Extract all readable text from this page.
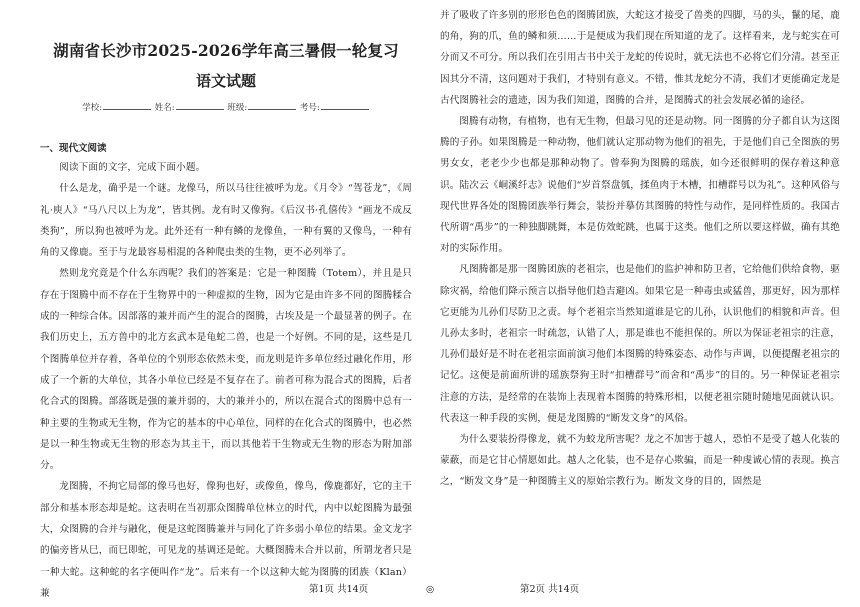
湖南省长沙市2025-2026学年高三暑假一轮复习
语文试题
学校:	姓名:	班级:	考号:
一、现代文阅读

阅读下面的文字，完成下面小题。

什么是龙，确乎是一个谜。龙像马，所以马往往被呼为龙。《月令》“驾苍龙”，《周礼·庾人》“马八尺以上为龙”，皆其例。龙有时又像狗。《后汉书·孔僖传》“画龙不成反类狗”，所以狗也被呼为龙。此外还有一种有鳞的龙像鱼，一种有翼的又像鸟，一种有角的又像鹿。至于与龙最容易相混的各种爬虫类的生物，更不必列举了。

然则龙究竟是个什么东西呢？我们的答案是：它是一种图腾（Totem），并且是只存在于图腾中而不存在于生物界中的一种虚拟的生物，因为它是由许多不同的图腾糅合成的一种综合体。因部落的兼并而产生的混合的图腾，古埃及是一个最显著的例子。在我们历史上，五方兽中的北方玄武本是龟蛇二兽，也是一个好例。不同的是，这些是几个图腾单位并存着，各单位的个别形态依然未变，而龙则是许多单位经过融化作用，形成了一个新的大单位，其各小单位已经是不复存在了。前者可称为混合式的图腾，后者化合式的图腾。部落既是强的兼并弱的，大的兼并小的，所以在混合式的图腾中总有一种主要的生物或无生物，作为它的基本的中心单位，同样的在化合式的图腾中，也必然是以一种生物或无生物的形态为其主干，而以其他若干生物或无生物的形态为附加部分。

龙图腾，不拘它局部的像马也好，像狗也好，或像鱼，像鸟，像鹿都好，它的主干部分和基本形态却是蛇。这表明在当初那众图腾单位林立的时代，内中以蛇图腾为最强大，众图腾的合并与融化，便是这蛇图腾兼并与同化了许多弱小单位的结果。金文龙字的偏旁皆从巳，而巳即蛇，可见龙的基调还是蛇。大概图腾未合并以前，所谓龙者只是一种大蛇。这种蛇的名字便叫作“龙”。后来有一个以这种大蛇为图腾的团族（Klan）兼

并了吸收了许多别的形形色色的图腾团族，大蛇这才接受了兽类的四脚，马的头，鬣的尾，鹿的角，狗的爪，鱼的鳞和须……于是便成为我们现在所知道的龙了。这样看来，龙与蛇实在可分而又不可分。所以我们在引用古书中关于龙蛇的传说时，就无法也不必将它们分清。甚至正因其分不清，这问题对于我们，才特别有意义。不错，惟其龙蛇分不清，我们才更能确定龙是古代图腾社会的遗迹，因为我们知道，图腾的合并，是图腾式的社会发展必循的途径。

图腾有动物，有植物，也有无生物，但最习见的还是动物。同一图腾的分子都自认为这图腾的子孙。如果图腾是一种动物，他们就认定那动物为他们的祖先，于是他们自己全图族的男男女女，老老少少也都是那种动物了。曾奉狗为图腾的瑶族，如今还很鲜明的保存着这种意识。陆次云《峒溪纤志》说他们“岁首祭盘瓠，揉鱼肉于木槽，扣槽群号以为礼”。这种风俗与现代世界各处的图腾团族举行舞会，装扮并摹仿其图腾的特性与动作，是同样性质的。我国古代所谓“禹步”的一种独脚跳舞，本是仿效蛇跳，也属于这类。他们之所以要这样做，确有其绝对的实际作用。

凡图腾都是那一图腾团族的老祖宗，也是他们的监护神和防卫者，它给他们供给食物，驱除灾祸，给他们降示预言以指导他们趋吉避凶。如果它是一种毒虫或猛兽，那更好，因为那样它更能为儿孙们尽防卫之责。每个老祖宗当然知道谁是它的儿孙，认识他们的相貌和声音。但儿孙太多时，老祖宗一时疏忽，认错了人，那是谁也不能担保的。所以为保证老祖宗的注意，儿孙们最好是不时在老祖宗面前演习他们本图腾的特殊姿态、动作与声调，以便提醒老祖宗的记忆。这便是前面所讲的瑶族祭狗王时“扣槽群号”而舍和“禹步”的目的。另一种保证老祖宗注意的方法，是经常的在装饰上表现着本图腾的特殊形相，以便老祖宗随时随地见面就认识。代表这一种手段的实例，便是龙图腾的“断发文身”的风俗。

为什么要装扮得像龙，就不为蛟龙所害呢？龙之不加害于越人，恐怕不是受了越人化装的蒙蔽，而是它甘心情愿如此。越人之化装，也不是存心欺骗，而是一种虔诚心情的表现。换言之，“断发文身”是一种图腾主义的原始宗教行为。断发文身的目的，固然是

第1页 共14页	◎	第2页 共14页
